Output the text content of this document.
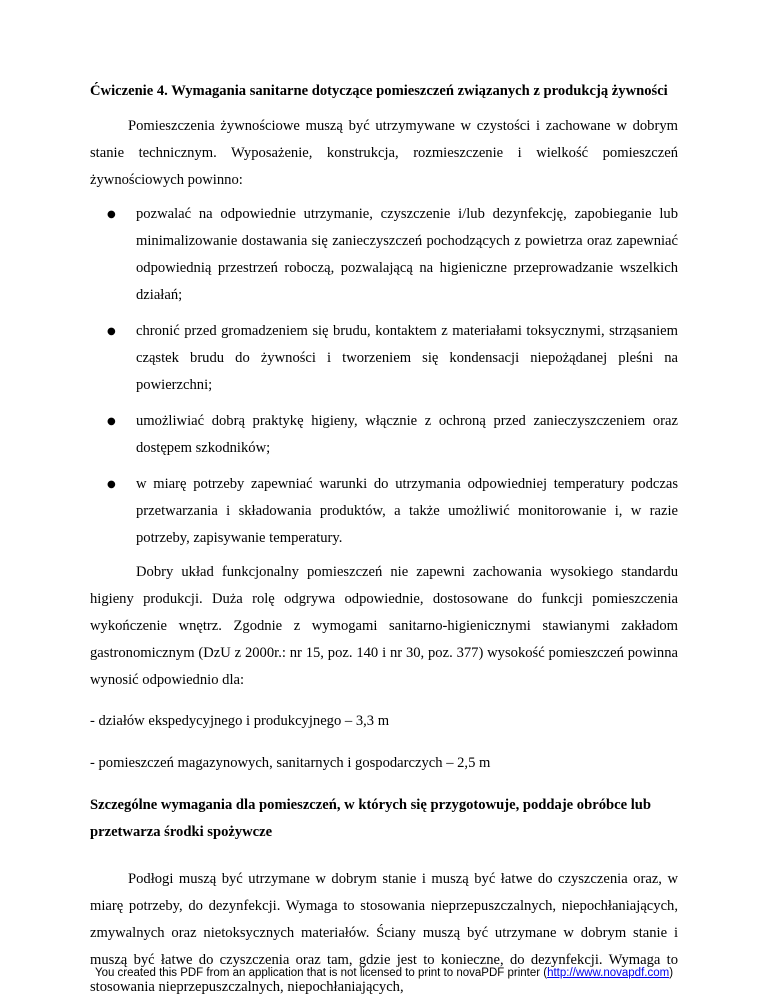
Ćwiczenie 4. Wymagania sanitarne dotyczące pomieszczeń związanych z produkcją żywności

Pomieszczenia żywnościowe muszą być utrzymywane w czystości i zachowane w dobrym stanie technicznym. Wyposażenie, konstrukcja, rozmieszczenie i wielkość pomieszczeń żywnościowych powinno:

● pozwalać na odpowiednie utrzymanie, czyszczenie i/lub dezynfekcję, zapobieganie lub minimalizowanie dostawania się zanieczyszczeń pochodzących z powietrza oraz zapewniać odpowiednią przestrzeń roboczą, pozwalającą na higieniczne przeprowadzanie wszelkich działań;
● chronić przed gromadzeniem się brudu, kontaktem z materiałami toksycznymi, strząsaniem cząstek brudu do żywności i tworzeniem się kondensacji niepożądanej pleśni na powierzchni;
● umożliwiać dobrą praktykę higieny, włącznie z ochroną przed zanieczyszczeniem oraz dostępem szkodników;
● w miarę potrzeby zapewniać warunki do utrzymania odpowiedniej temperatury podczas przetwarzania i składowania produktów, a także umożliwić monitorowanie i, w razie potrzeby, zapisywanie temperatury.

Dobry układ funkcjonalny pomieszczeń nie zapewni zachowania wysokiego standardu higieny produkcji. Duża rolę odgrywa odpowiednie, dostosowane do funkcji pomieszczenia wykończenie wnętrz. Zgodnie z wymogami sanitarno-higienicznymi stawianymi zakładom gastronomicznym (DzU z 2000r.: nr 15, poz. 140 i nr 30, poz. 377) wysokość pomieszczeń powinna wynosić odpowiednio dla:

- działów ekspedycyjnego i produkcyjnego – 3,3 m

- pomieszczeń magazynowych, sanitarnych i gospodarczych – 2,5 m

Szczególne wymagania dla pomieszczeń, w których się przygotowuje, poddaje obróbce lub przetwarza środki spożywcze

Podłogi muszą być utrzymane w dobrym stanie i muszą być łatwe do czyszczenia oraz, w miarę potrzeby, do dezynfekcji. Wymaga to stosowania nieprzepuszczalnych, niepochłaniających, zmywalnych oraz nietoksycznych materiałów. Ściany muszą być utrzymane w dobrym stanie i muszą być łatwe do czyszczenia oraz tam, gdzie jest to konieczne, do dezynfekcji. Wymaga to stosowania nieprzepuszczalnych, niepochłaniających,

You created this PDF from an application that is not licensed to print to novaPDF printer (http://www.novapdf.com)
